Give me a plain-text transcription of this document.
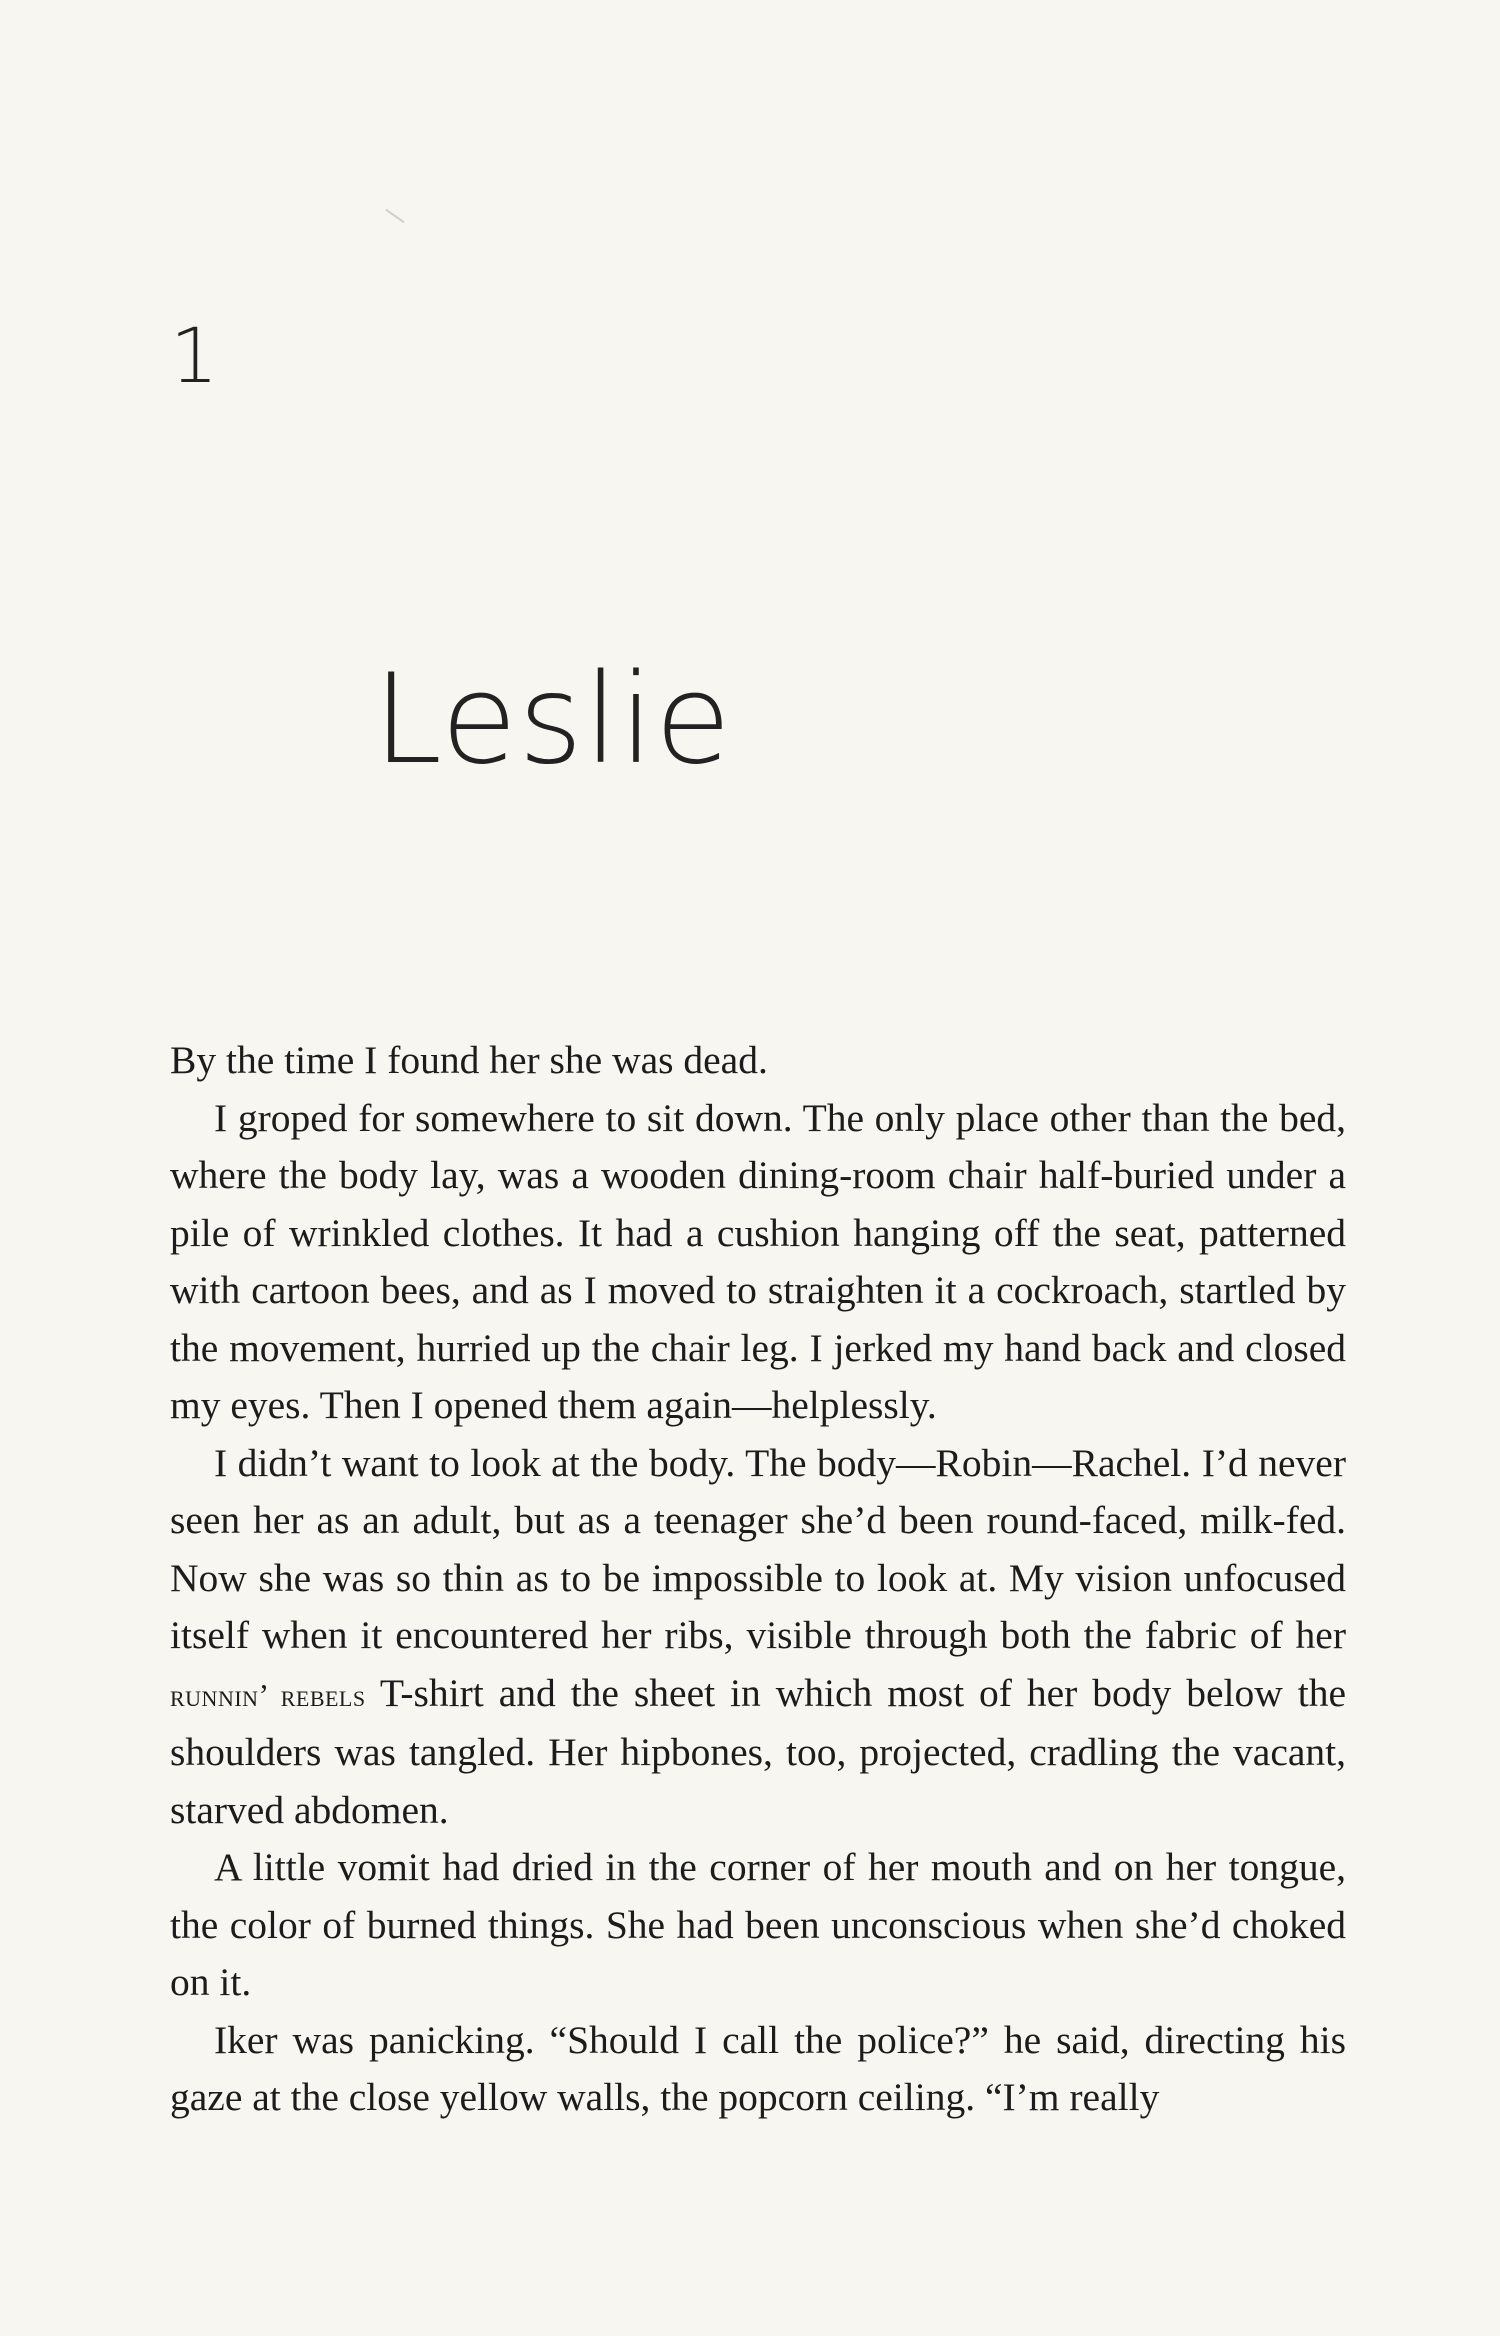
1
Leslie

By the time I found her she was dead.

I groped for somewhere to sit down. The only place other than the bed, where the body lay, was a wooden dining-room chair half-buried under a pile of wrinkled clothes. It had a cushion hanging off the seat, patterned with cartoon bees, and as I moved to straighten it a cockroach, startled by the movement, hurried up the chair leg. I jerked my hand back and closed my eyes. Then I opened them again—helplessly.

I didn’t want to look at the body. The body—Robin—Rachel. I’d never seen her as an adult, but as a teenager she’d been round-faced, milk-fed. Now she was so thin as to be impossible to look at. My vision unfocused itself when it encountered her ribs, visible through both the fabric of her runnin’ rebels T-shirt and the sheet in which most of her body below the shoulders was tangled. Her hipbones, too, projected, cradling the vacant, starved abdomen.

A little vomit had dried in the corner of her mouth and on her tongue, the color of burned things. She had been unconscious when she’d choked on it.

Iker was panicking. “Should I call the police?” he said, directing his gaze at the close yellow walls, the popcorn ceiling. “I’m really
